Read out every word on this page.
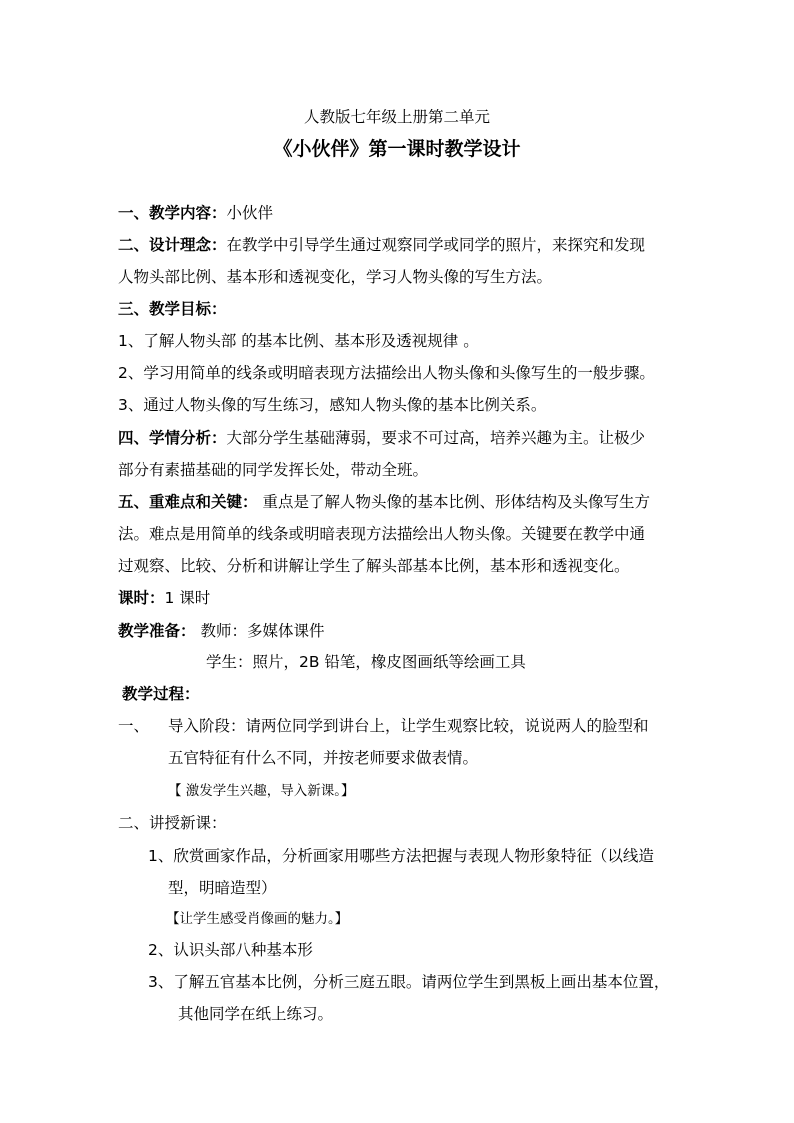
人教版七年级上册第二单元
《小伙伴》第一课时教学设计
一、教学内容：小伙伴
二、设计理念：在教学中引导学生通过观察同学或同学的照片，来探究和发现
人物头部比例、基本形和透视变化，学习人物头像的写生方法。
三、教学目标：
1、了解人物头部 的基本比例、基本形及透视规律 。
2、学习用简单的线条或明暗表现方法描绘出人物头像和头像写生的一般步骤。
3、通过人物头像的写生练习，感知人物头像的基本比例关系。
四、学情分析：大部分学生基础薄弱，要求不可过高，培养兴趣为主。让极少
部分有素描基础的同学发挥长处，带动全班。
五、重难点和关键： 重点是了解人物头像的基本比例、形体结构及头像写生方
法。难点是用简单的线条或明暗表现方法描绘出人物头像。关键要在教学中通
过观察、比较、分析和讲解让学生了解头部基本比例，基本形和透视变化。
课时：1 课时
教学准备： 教师：多媒体课件
学生：照片，2B 铅笔，橡皮图画纸等绘画工具
教学过程：
一、 导入阶段：请两位同学到讲台上，让学生观察比较，说说两人的脸型和
五官特征有什么不同，并按老师要求做表情。
【 激发学生兴趣，导入新课。】
二、讲授新课：
1、欣赏画家作品，分析画家用哪些方法把握与表现人物形象特征（以线造
型，明暗造型）
【让学生感受肖像画的魅力。】
2、认识头部八种基本形
3、了解五官基本比例，分析三庭五眼。请两位学生到黑板上画出基本位置，
其他同学在纸上练习。
